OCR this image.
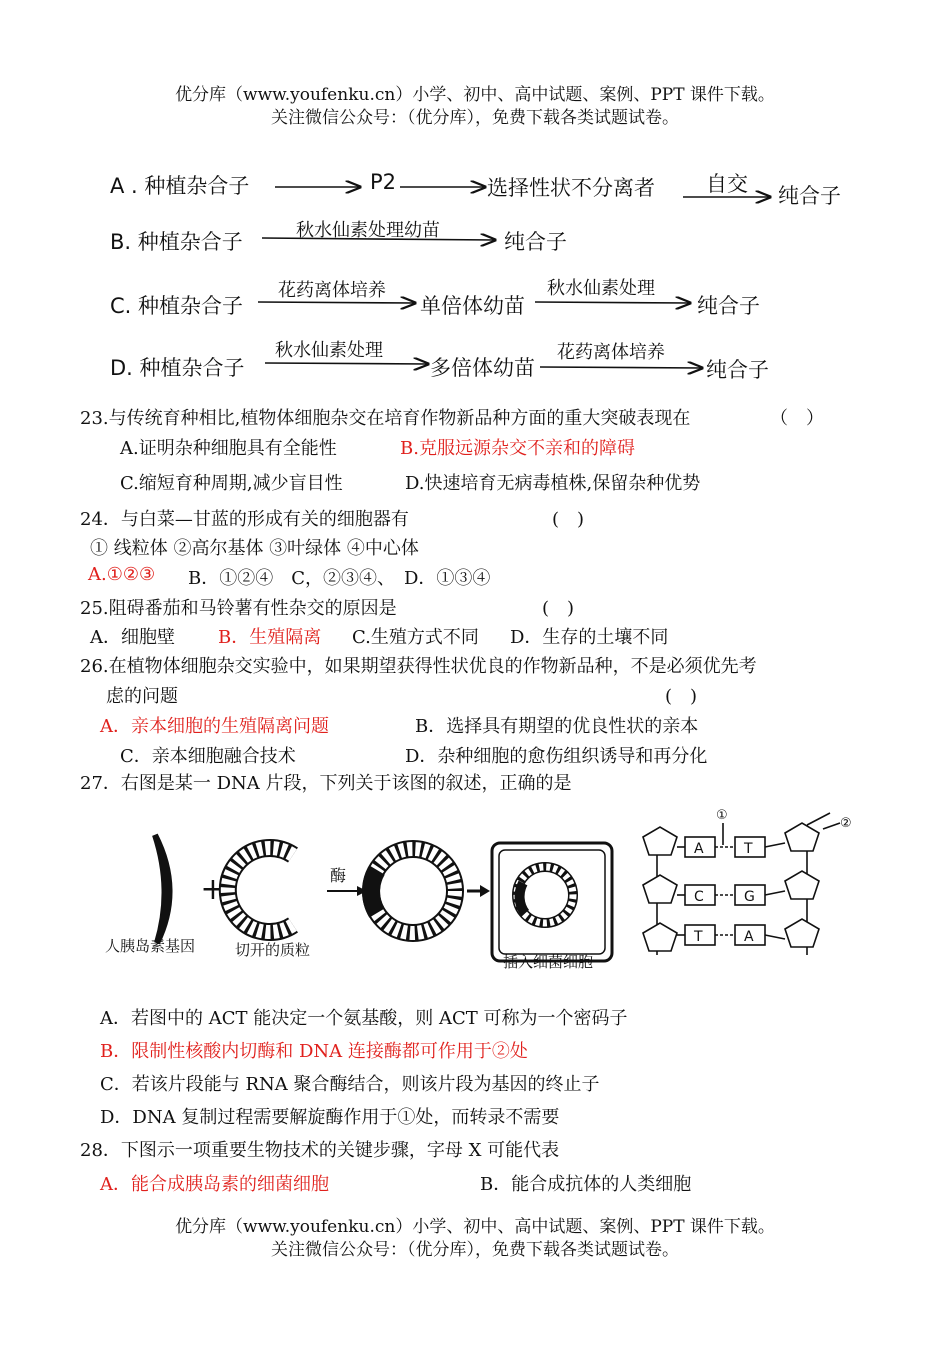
优分库（www.youfenku.cn）小学、初中、高中试题、案例、PPT 课件下载。
关注微信公众号：（优分库），免费下载各类试题试卷。
A . 种植杂合子	P2	选择性状不分离者 自交 纯合子
B. 种植杂合子	秋水仙素处理幼苗	纯合子
C. 种植杂合子
花药离体培养
单倍体幼苗
秋水仙素处理
纯合子
D. 种植杂合子
秋水仙素处理
多倍体幼苗
花药离体培养
纯合子
23.与传统育种相比,植物体细胞杂交在培育作物新品种方面的重大突破表现在	（　）
A.证明杂种细胞具有全能性	B.克服远源杂交不亲和的障碍
C.缩短育种周期,减少盲目性	D.快速培育无病毒植株,保留杂种优势
24．与白菜—甘蓝的形成有关的细胞器有	(　)
① 线粒体 ②高尔基体 ③叶绿体 ④中心体
A.①②③ B．①②④　C，②③④、　D．①③④
25.阻碍番茄和马铃薯有性杂交的原因是	(　)
A．细胞壁 B．生殖隔离 C.生殖方式不同 D．生存的土壤不同
26.在植物体细胞杂交实验中，如果期望获得性状优良的作物新品种，不是必须优先考
虑的问题	(　)
A．亲本细胞的生殖隔离问题	B．选择具有期望的优良性状的亲本
C．亲本细胞融合技术	D．杂种细胞的愈伤组织诱导和再分化
27．右图是某一 DNA 片段，下列关于该图的叙述，正确的是
+	酶
人胰岛素基因	切开的质粒
插入细菌细胞
A	T
C	G
T	A
①
②
A．若图中的 ACT 能决定一个氨基酸，则 ACT 可称为一个密码子
B．限制性核酸内切酶和 DNA 连接酶都可作用于②处
C．若该片段能与 RNA 聚合酶结合，则该片段为基因的终止子
D．DNA 复制过程需要解旋酶作用于①处，而转录不需要
28．下图示一项重要生物技术的关键步骤，字母 X 可能代表
A．能合成胰岛素的细菌细胞	B．能合成抗体的人类细胞
优分库（www.youfenku.cn）小学、初中、高中试题、案例、PPT 课件下载。
关注微信公众号：（优分库），免费下载各类试题试卷。
